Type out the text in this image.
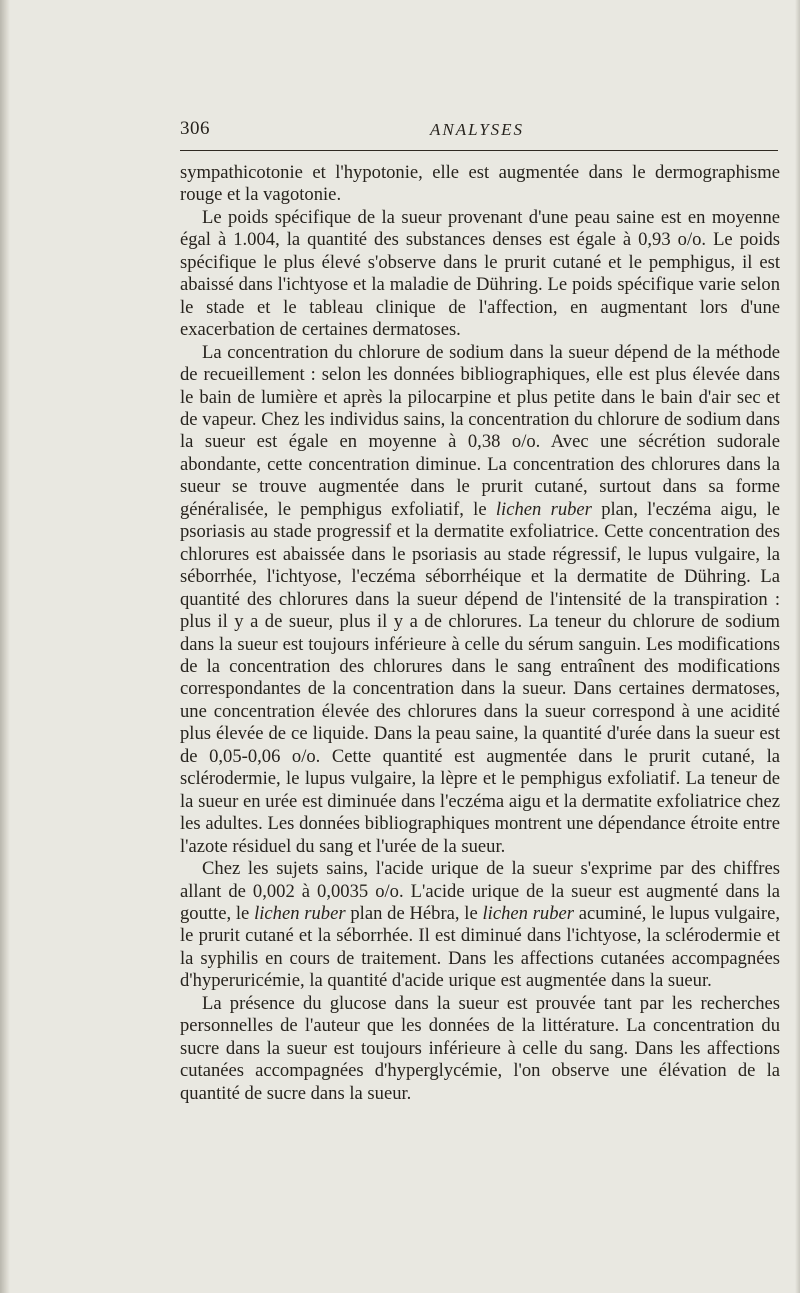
306	ANALYSES

sympathicotonie et l'hypotonie, elle est augmentée dans le dermographisme rouge et la vagotonie.

Le poids spécifique de la sueur provenant d'une peau saine est en moyenne égal à 1.004, la quantité des substances denses est égale à 0,93 o/o. Le poids spécifique le plus élevé s'observe dans le prurit cutané et le pemphigus, il est abaissé dans l'ichtyose et la maladie de Dühring. Le poids spécifique varie selon le stade et le tableau clinique de l'affection, en augmentant lors d'une exacerbation de certaines dermatoses.

La concentration du chlorure de sodium dans la sueur dépend de la méthode de recueillement : selon les données bibliographiques, elle est plus élevée dans le bain de lumière et après la pilocarpine et plus petite dans le bain d'air sec et de vapeur. Chez les individus sains, la concentration du chlorure de sodium dans la sueur est égale en moyenne à 0,38 o/o. Avec une sécrétion sudorale abondante, cette concentration diminue. La concentration des chlorures dans la sueur se trouve augmentée dans le prurit cutané, surtout dans sa forme généralisée, le pemphigus exfoliatif, le lichen ruber plan, l'eczéma aigu, le psoriasis au stade progressif et la dermatite exfoliatrice. Cette concentration des chlorures est abaissée dans le psoriasis au stade régressif, le lupus vulgaire, la séborrhée, l'ichtyose, l'eczéma séborrhéique et la dermatite de Dühring. La quantité des chlorures dans la sueur dépend de l'intensité de la transpiration : plus il y a de sueur, plus il y a de chlorures. La teneur du chlorure de sodium dans la sueur est toujours inférieure à celle du sérum sanguin. Les modifications de la concentration des chlorures dans le sang entraînent des modifications correspondantes de la concentration dans la sueur. Dans certaines dermatoses, une concentration élevée des chlorures dans la sueur correspond à une acidité plus élevée de ce liquide. Dans la peau saine, la quantité d'urée dans la sueur est de 0,05-0,06 o/o. Cette quantité est augmentée dans le prurit cutané, la sclérodermie, le lupus vulgaire, la lèpre et le pemphigus exfoliatif. La teneur de la sueur en urée est diminuée dans l'eczéma aigu et la dermatite exfoliatrice chez les adultes. Les données bibliographiques montrent une dépendance étroite entre l'azote résiduel du sang et l'urée de la sueur.

Chez les sujets sains, l'acide urique de la sueur s'exprime par des chiffres allant de 0,002 à 0,0035 o/o. L'acide urique de la sueur est augmenté dans la goutte, le lichen ruber plan de Hébra, le lichen ruber acuminé, le lupus vulgaire, le prurit cutané et la séborrhée. Il est diminué dans l'ichtyose, la sclérodermie et la syphilis en cours de traitement. Dans les affections cutanées accompagnées d'hyperuricémie, la quantité d'acide urique est augmentée dans la sueur.

La présence du glucose dans la sueur est prouvée tant par les recherches personnelles de l'auteur que les données de la littérature. La concentration du sucre dans la sueur est toujours inférieure à celle du sang. Dans les affections cutanées accompagnées d'hyperglycémie, l'on observe une élévation de la quantité de sucre dans la sueur.
